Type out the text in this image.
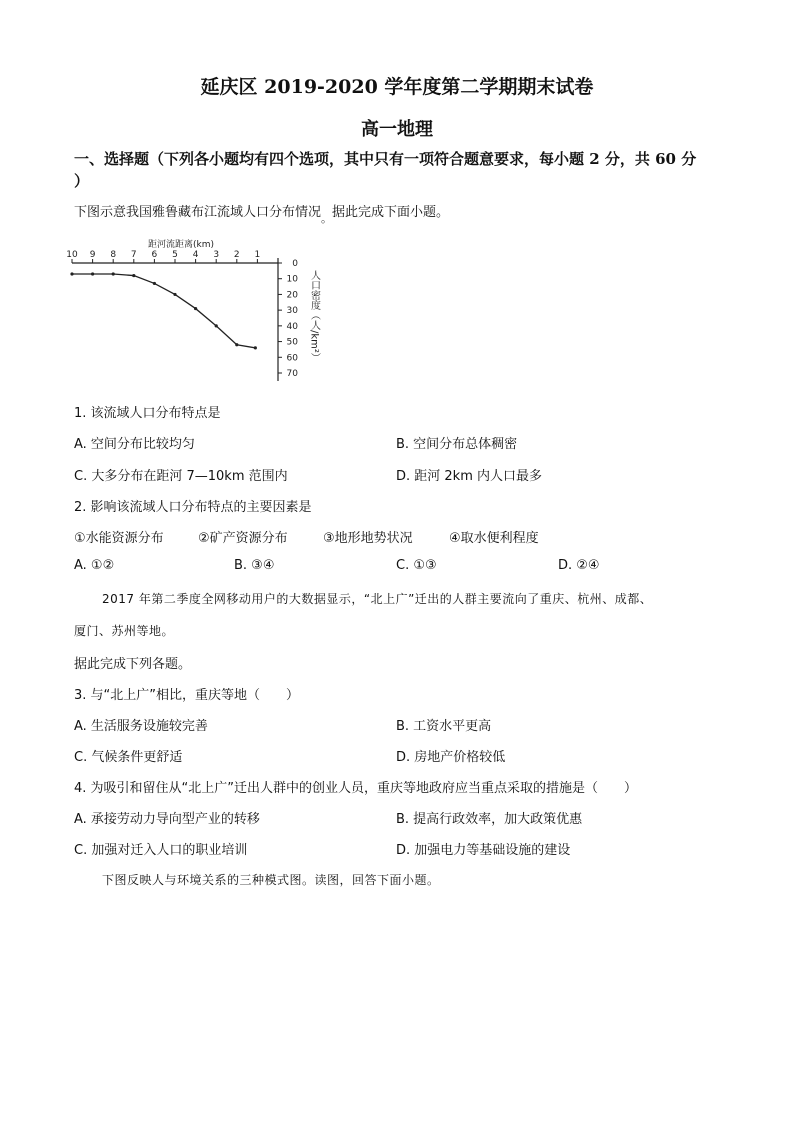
延庆区 2019-2020 学年度第二学期期末试卷
高一地理
一、选择题（下列各小题均有四个选项，其中只有一项符合题意要求，每小题 2 分，共 60 分
）
下图示意我国雅鲁藏布江流域人口分布情况$_。$据此完成下面小题。
距河流距离(km)
10 9 8 7 6 5 4 3 2 1
0
10
20
30
40
50
60
70
人口密度（人/km²）
1. 该流域人口分布特点是
A. 空间分布比较均匀	B. 空间分布总体稠密
C. 大多分布在距河 7—10km 范围内	D. 距河 2km 内人口最多
2. 影响该流域人口分布特点的主要因素是
①水能资源分布	②矿产资源分布	③地形地势状况	④取水便利程度
A. ①②	B. ③④	C. ①③	D. ②④
2017 年第二季度全网移动用户的大数据显示，“北上广”迁出的人群主要流向了重庆、杭州、成都、
厦门、苏州等地。
据此完成下列各题。
3. 与“北上广”相比，重庆等地（　　）
A. 生活服务设施较完善	B. 工资水平更高
C. 气候条件更舒适	D. 房地产价格较低
4. 为吸引和留住从“北上广”迁出人群中的创业人员，重庆等地政府应当重点采取的措施是（　　）
A. 承接劳动力导向型产业的转移	B. 提高行政效率，加大政策优惠
C. 加强对迁入人口的职业培训	D. 加强电力等基础设施的建设
下图反映人与环境关系的三种模式图。读图，回答下面小题。
